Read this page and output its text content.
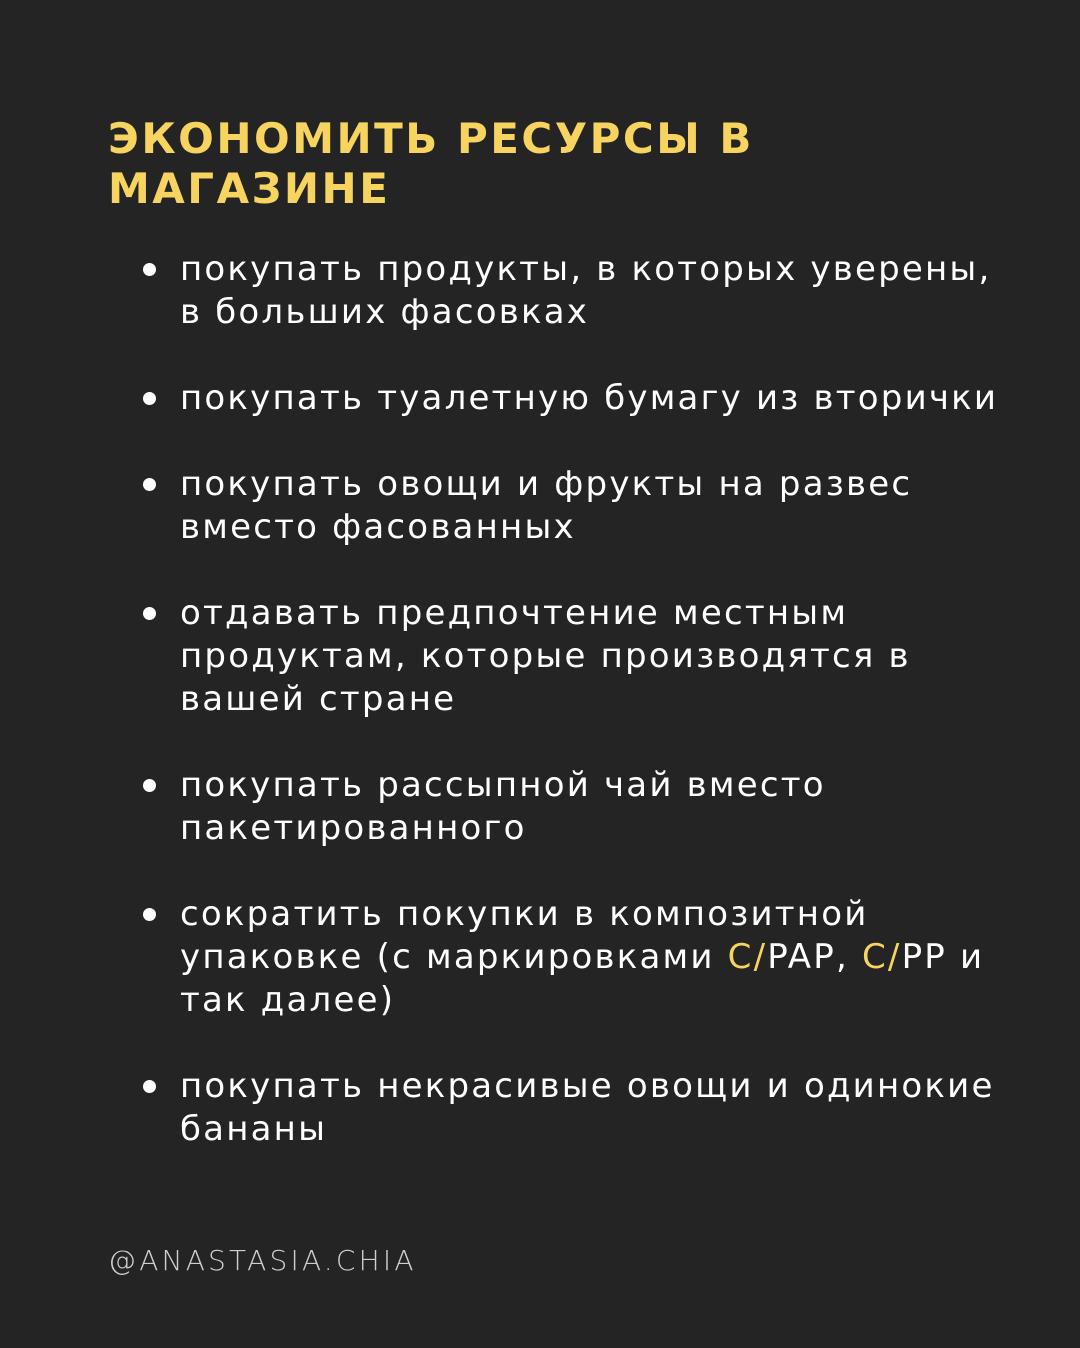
ЭКОНОМИТЬ РЕСУРСЫ В МАГАЗИНЕ
покупать продукты, в которых уверены, в больших фасовках
покупать туалетную бумагу из вторички
покупать овощи и фрукты на развес вместо фасованных
отдавать предпочтение местным продуктам, которые производятся в вашей стране
покупать рассыпной чай вместо пакетированного
сократить покупки в композитной упаковке (с маркировками C/PAP, C/PP и так далее)
покупать некрасивые овощи и одинокие бананы
@ANASTASIA.CHIA
